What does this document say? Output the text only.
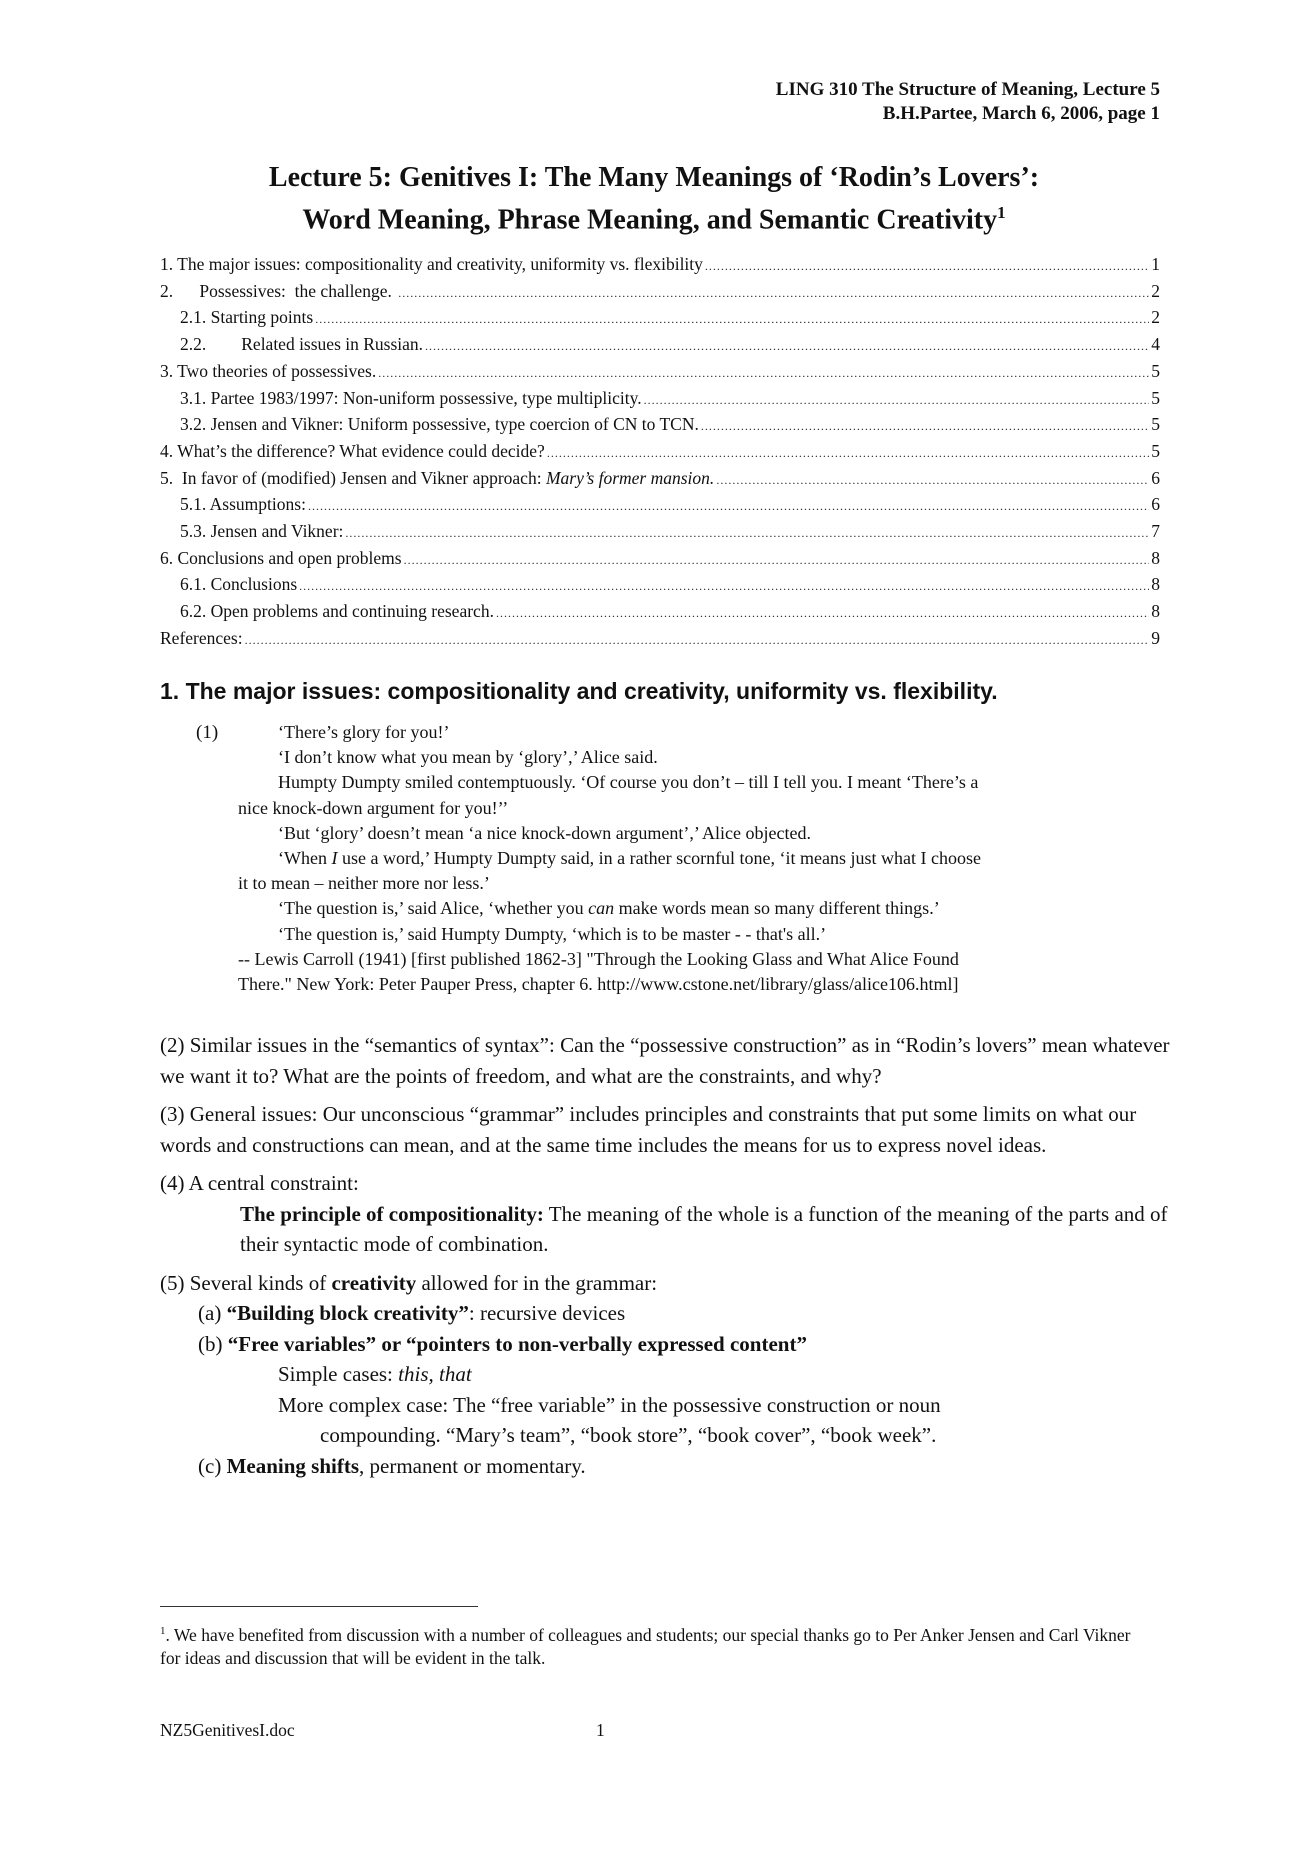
LING 310 The Structure of Meaning, Lecture 5
B.H.Partee, March 6, 2006, page 1
Lecture 5: Genitives I: The Many Meanings of ‘Rodin’s Lovers’:
Word Meaning, Phrase Meaning, and Semantic Creativity$^1$
1. The major issues: compositionality and creativity, uniformity vs. flexibility .....	1
2.      Possessives:  the challenge. .....	2
2.1. Starting points .....	2
2.2.        Related issues in Russian. .....	4
3. Two theories of possessives. .....	5
3.1. Partee 1983/1997: Non-uniform possessive, type multiplicity. .....	5
3.2. Jensen and Vikner: Uniform possessive, type coercion of CN to TCN. .....	5
4. What’s the difference? What evidence could decide? .....	5
5.  In favor of (modified) Jensen and Vikner approach: Mary’s former mansion. .....	6
5.1. Assumptions: .....	6
5.3. Jensen and Vikner: .....	7
6. Conclusions and open problems .....	8
6.1. Conclusions .....	8
6.2. Open problems and continuing research. .....	8
References: .....	9
1. The major issues: compositionality and creativity, uniformity vs. flexibility.
(1)	‘There’s glory for you!’
‘I don’t know what you mean by ‘glory’,’ Alice said.
Humpty Dumpty smiled contemptuously. ‘Of course you don’t – till I tell you. I meant ‘There’s a
nice knock-down argument for you!’’
‘But ‘glory’ doesn’t mean ‘a nice knock-down argument’,’ Alice objected.
‘When I use a word,’ Humpty Dumpty said, in a rather scornful tone, ‘it means just what I choose
it to mean – neither more nor less.’
‘The question is,’ said Alice, ‘whether you can make words mean so many different things.’
‘The question is,’ said Humpty Dumpty, ‘which is to be master - - that's all.’
-- Lewis Carroll (1941) [first published 1862-3] "Through the Looking Glass and What Alice Found
There." New York: Peter Pauper Press, chapter 6. http://www.cstone.net/library/glass/alice106.html]

(2) Similar issues in the “semantics of syntax”: Can the “possessive construction” as in “Rodin’s lovers” mean whatever we want it to? What are the points of freedom, and what are the constraints, and why?

(3) General issues: Our unconscious “grammar” includes principles and constraints that put some limits on what our words and constructions can mean, and at the same time includes the means for us to express novel ideas.

(4) A central constraint:

The principle of compositionality: The meaning of the whole is a function of the meaning of the parts and of their syntactic mode of combination.

(5) Several kinds of creativity allowed for in the grammar:

(a) “Building block creativity”: recursive devices

(b) “Free variables” or “pointers to non-verbally expressed content”

Simple cases: this, that

More complex case: The “free variable” in the possessive construction or noun

compounding. “Mary’s team”, “book store”, “book cover”, “book week”.

(c) Meaning shifts, permanent or momentary.

$^1$. We have benefited from discussion with a number of colleagues and students; our special thanks go to Per Anker Jensen and Carl Vikner for ideas and discussion that will be evident in the talk.
NZ5GenitivesI.doc	1
